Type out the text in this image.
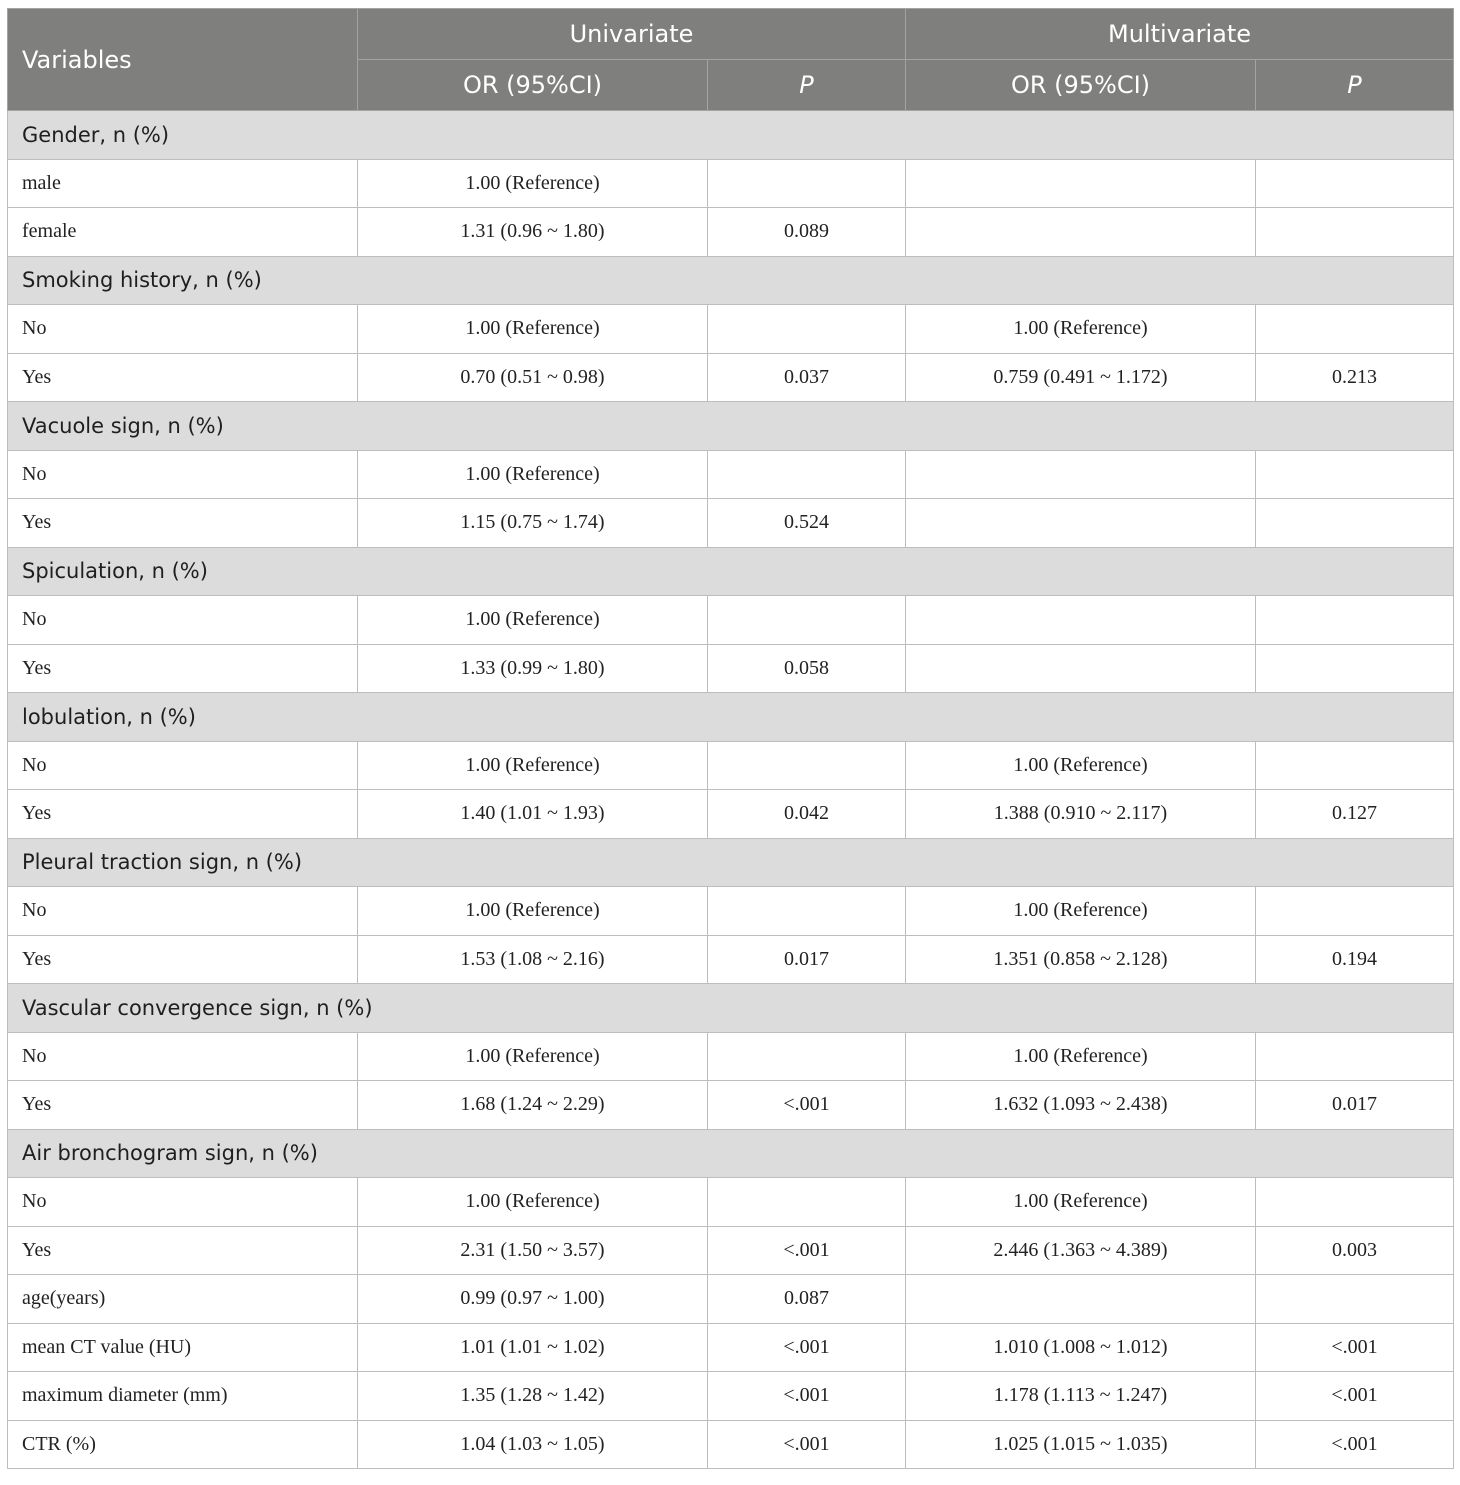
Variables	Univariate		Multivariate	
	OR (95%CI)	P	OR (95%CI)	P
Gender, n (%)				
male	1.00 (Reference)			
female	1.31 (0.96 ~ 1.80)	0.089		
Smoking history, n (%)				
No	1.00 (Reference)		1.00 (Reference)	
Yes	0.70 (0.51 ~ 0.98)	0.037	0.759 (0.491 ~ 1.172)	0.213
Vacuole sign, n (%)				
No	1.00 (Reference)			
Yes	1.15 (0.75 ~ 1.74)	0.524		
Spiculation, n (%)				
No	1.00 (Reference)			
Yes	1.33 (0.99 ~ 1.80)	0.058		
lobulation, n (%)				
No	1.00 (Reference)		1.00 (Reference)	
Yes	1.40 (1.01 ~ 1.93)	0.042	1.388 (0.910 ~ 2.117)	0.127
Pleural traction sign, n (%)				
No	1.00 (Reference)		1.00 (Reference)	
Yes	1.53 (1.08 ~ 2.16)	0.017	1.351 (0.858 ~ 2.128)	0.194
Vascular convergence sign, n (%)				
No	1.00 (Reference)		1.00 (Reference)	
Yes	1.68 (1.24 ~ 2.29)	<.001	1.632 (1.093 ~ 2.438)	0.017
Air bronchogram sign, n (%)				
No	1.00 (Reference)		1.00 (Reference)	
Yes	2.31 (1.50 ~ 3.57)	<.001	2.446 (1.363 ~ 4.389)	0.003
age(years)	0.99 (0.97 ~ 1.00)	0.087		
mean CT value (HU)	1.01 (1.01 ~ 1.02)	<.001	1.010 (1.008 ~ 1.012)	<.001
maximum diameter (mm)	1.35 (1.28 ~ 1.42)	<.001	1.178 (1.113 ~ 1.247)	<.001
CTR (%)	1.04 (1.03 ~ 1.05)	<.001	1.025 (1.015 ~ 1.035)	<.001
